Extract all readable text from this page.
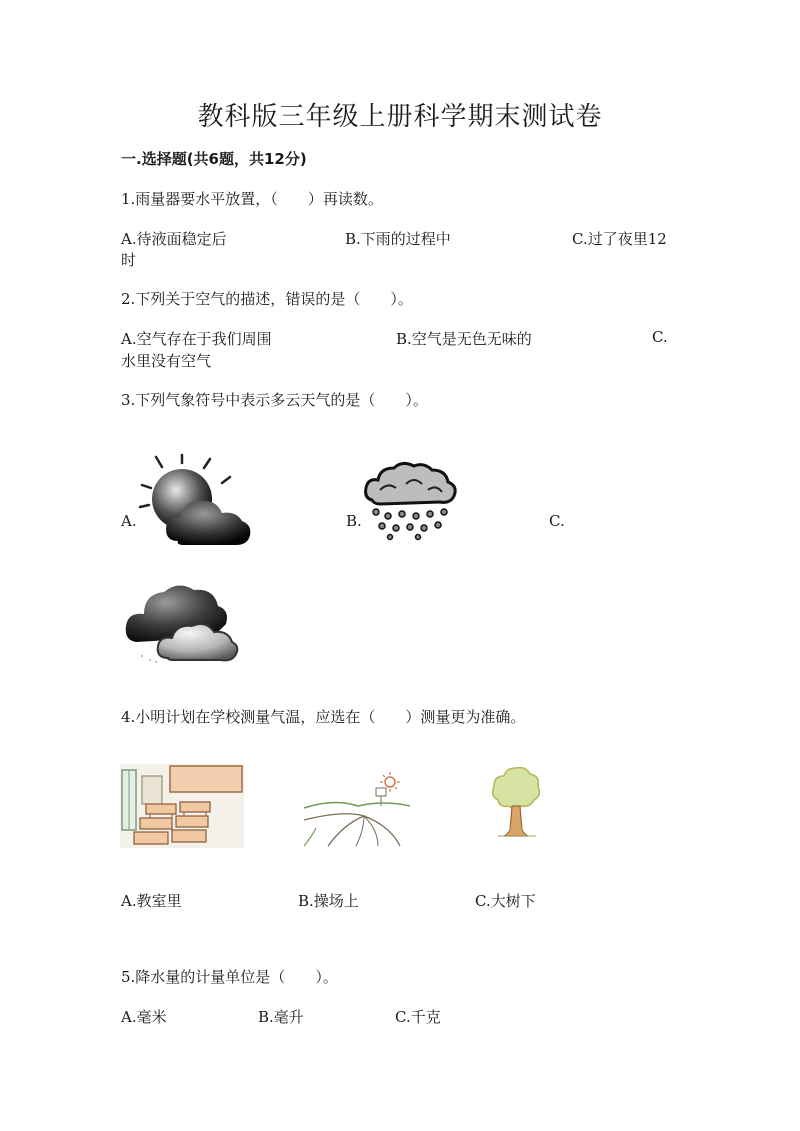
教科版三年级上册科学期末测试卷
一.选择题(共6题，共12分)
1.雨量器要水平放置，（　　）再读数。
A.待液面稳定后	B.下雨的过程中	C.过了夜里12
时
2.下列关于空气的描述，错误的是（　　）。
A.空气存在于我们周围	B.空气是无色无味的	C.
水里没有空气
3.下列气象符号中表示多云天气的是（　　）。
A.	B.	C.
4.小明计划在学校测量气温，应选在（　　）测量更为准确。
A.教室里	B.操场上	C.大树下
5.降水量的计量单位是（　　）。
A.毫米	B.毫升	C.千克
